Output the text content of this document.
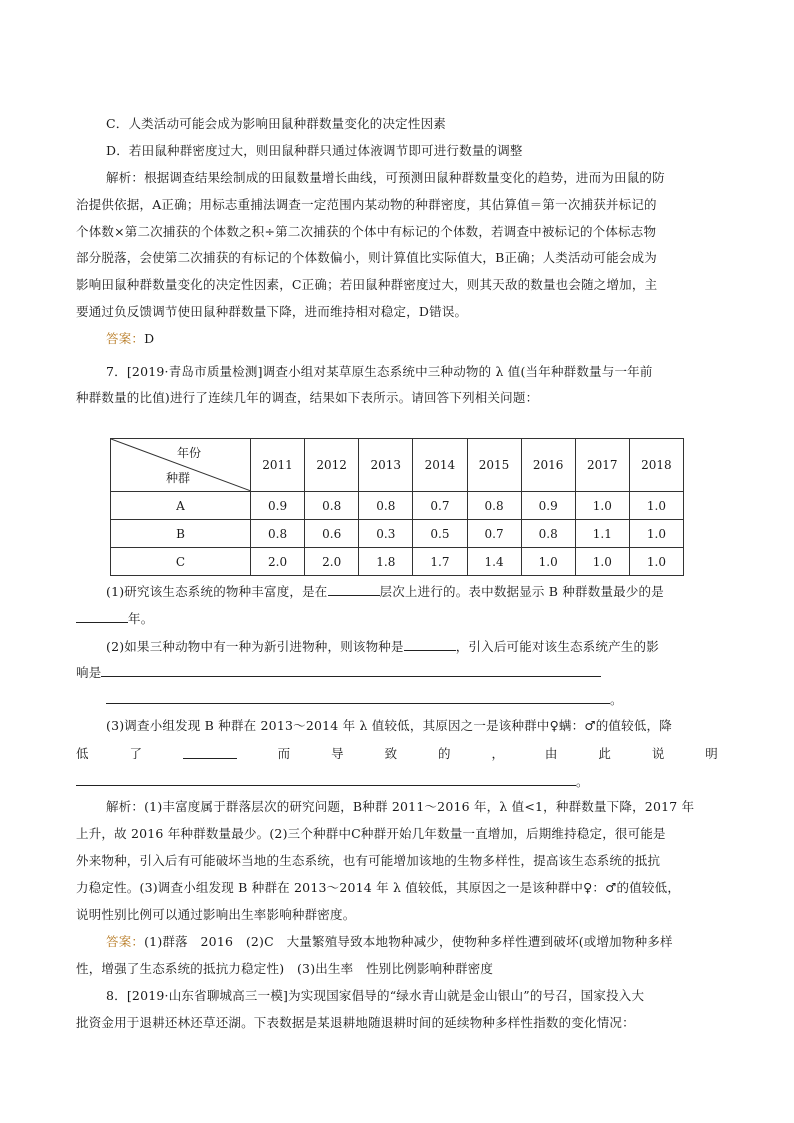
C．人类活动可能会成为影响田鼠种群数量变化的决定性因素
D．若田鼠种群密度过大，则田鼠种群只通过体液调节即可进行数量的调整
解析：根据调查结果绘制成的田鼠数量增长曲线，可预测田鼠种群数量变化的趋势，进而为田鼠的防
治提供依据，A正确；用标志重捕法调查一定范围内某动物的种群密度，其估算值＝第一次捕获并标记的
个体数×第二次捕获的个体数之积÷第二次捕获的个体中有标记的个体数，若调查中被标记的个体标志物
部分脱落，会使第二次捕获的有标记的个体数偏小，则计算值比实际值大，B正确；人类活动可能会成为
影响田鼠种群数量变化的决定性因素，C正确；若田鼠种群密度过大，则其天敌的数量也会随之增加，主
要通过负反馈调节使田鼠种群数量下降，进而维持相对稳定，D错误。
答案：D
7．[2019·青岛市质量检测]调查小组对某草原生态系统中三种动物的 λ 值(当年种群数量与一年前
种群数量的比值)进行了连续几年的调查，结果如下表所示。请回答下列相关问题：
年份
种群	2011	2012	2013	2014	2015	2016	2017	2018
A	0.9	0.8	0.8	0.7	0.8	0.9	1.0	1.0
B	0.8	0.6	0.3	0.5	0.7	0.8	1.1	1.0
C	2.0	2.0	1.8	1.7	1.4	1.0	1.0	1.0
(1)研究该生态系统的物种丰富度，是在	层次上进行的。表中数据显示 B 种群数量最少的是
年。
(2)如果三种动物中有一种为新引进物种，则该物种是	，引入后可能对该生态系统产生的影
响是
。
(3)调查小组发现 B 种群在 2013～2014 年 λ 值较低，其原因之一是该种群中♀螨：♂的值较低，降
低	了	而	导	致	的	，	由	此	说	明
。
解析：(1)丰富度属于群落层次的研究问题，B种群 2011～2016 年，λ 值<1，种群数量下降，2017 年
上升，故 2016 年种群数量最少。(2)三个种群中C种群开始几年数量一直增加，后期维持稳定，很可能是
外来物种，引入后有可能破坏当地的生态系统，也有可能增加该地的生物多样性，提高该生态系统的抵抗
力稳定性。(3)调查小组发现 B 种群在 2013～2014 年 λ 值较低，其原因之一是该种群中♀：♂的值较低，
说明性别比例可以通过影响出生率影响种群密度。
答案：(1)群落　2016　(2)C　大量繁殖导致本地物种减少，使物种多样性遭到破坏(或增加物种多样
性，增强了生态系统的抵抗力稳定性)　(3)出生率　性别比例影响种群密度
8．[2019·山东省聊城高三一模]为实现国家倡导的“绿水青山就是金山银山”的号召，国家投入大
批资金用于退耕还林还草还湖。下表数据是某退耕地随退耕时间的延续物种多样性指数的变化情况：
